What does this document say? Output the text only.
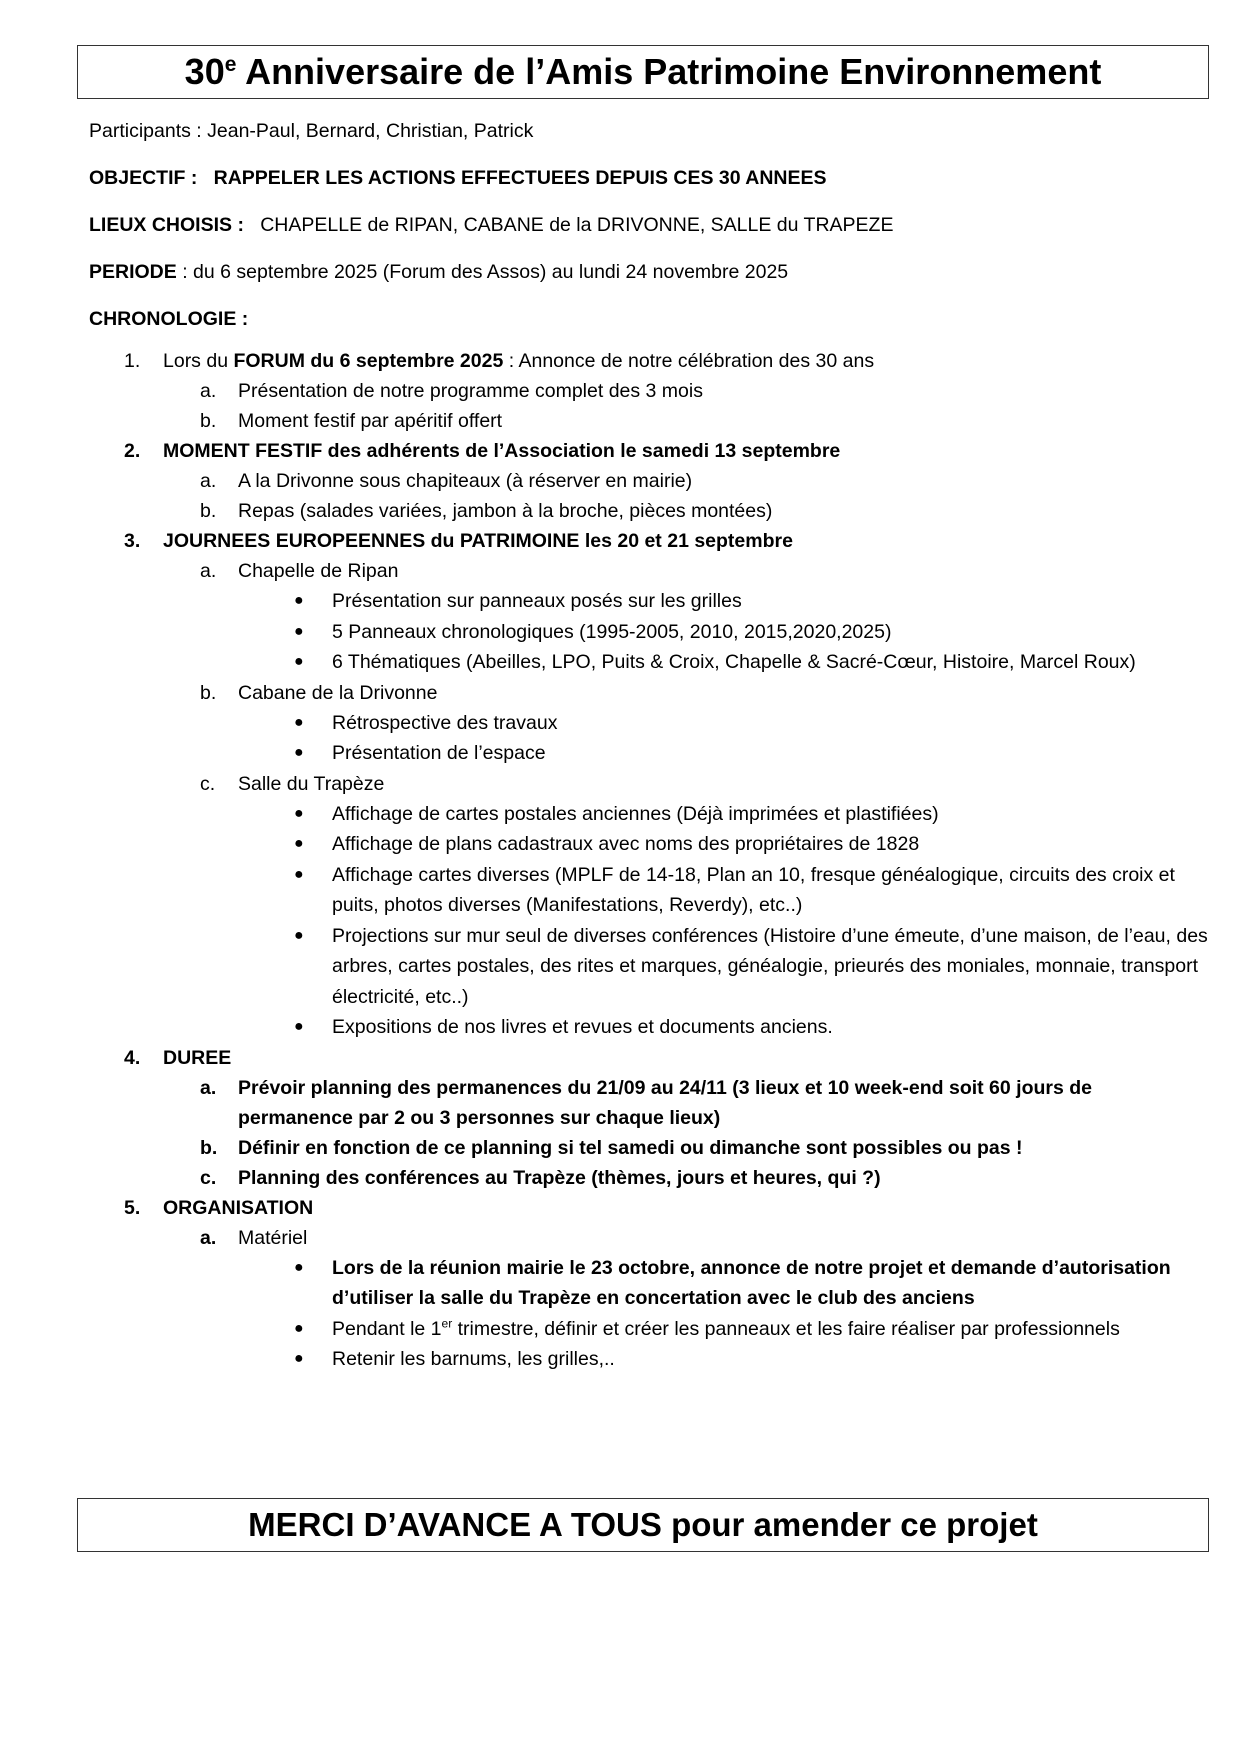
30e Anniversaire de l’Amis Patrimoine Environnement

Participants : Jean-Paul, Bernard, Christian, Patrick

OBJECTIF : RAPPELER LES ACTIONS EFFECTUEES DEPUIS CES 30 ANNEES

LIEUX CHOISIS : CHAPELLE de RIPAN, CABANE de la DRIVONNE, SALLE du TRAPEZE

PERIODE : du 6 septembre 2025 (Forum des Assos) au lundi 24 novembre 2025

CHRONOLOGIE :

1. Lors du FORUM du 6 septembre 2025 : Annonce de notre célébration des 30 ans
a. Présentation de notre programme complet des 3 mois
b. Moment festif par apéritif offert
2. MOMENT FESTIF des adhérents de l’Association le samedi 13 septembre
a. A la Drivonne sous chapiteaux (à réserver en mairie)
b. Repas (salades variées, jambon à la broche, pièces montées)
3. JOURNEES EUROPEENNES du PATRIMOINE les 20 et 21 septembre
a. Chapelle de Ripan
● Présentation sur panneaux posés sur les grilles
● 5 Panneaux chronologiques (1995-2005, 2010, 2015,2020,2025)
● 6 Thématiques (Abeilles, LPO, Puits & Croix, Chapelle & Sacré-Cœur, Histoire, Marcel Roux)
b. Cabane de la Drivonne
● Rétrospective des travaux
● Présentation de l’espace
c. Salle du Trapèze
● Affichage de cartes postales anciennes (Déjà imprimées et plastifiées)
● Affichage de plans cadastraux avec noms des propriétaires de 1828
● Affichage cartes diverses (MPLF de 14-18, Plan an 10, fresque généalogique, circuits des croix et puits, photos diverses (Manifestations, Reverdy), etc..)
● Projections sur mur seul de diverses conférences (Histoire d’une émeute, d’une maison, de l’eau, des arbres, cartes postales, des rites et marques, généalogie, prieurés des moniales, monnaie, transport électricité, etc..)
● Expositions de nos livres et revues et documents anciens.
4. DUREE
a. Prévoir planning des permanences du 21/09 au 24/11 (3 lieux et 10 week-end soit 60 jours de permanence par 2 ou 3 personnes sur chaque lieux)
b. Définir en fonction de ce planning si tel samedi ou dimanche sont possibles ou pas !
c. Planning des conférences au Trapèze (thèmes, jours et heures, qui ?)
5. ORGANISATION
a. Matériel
● Lors de la réunion mairie le 23 octobre, annonce de notre projet et demande d’autorisation d’utiliser la salle du Trapèze en concertation avec le club des anciens
● Pendant le 1er trimestre, définir et créer les panneaux et les faire réaliser par professionnels
● Retenir les barnums, les grilles,..
MERCI D’AVANCE A TOUS pour amender ce projet
